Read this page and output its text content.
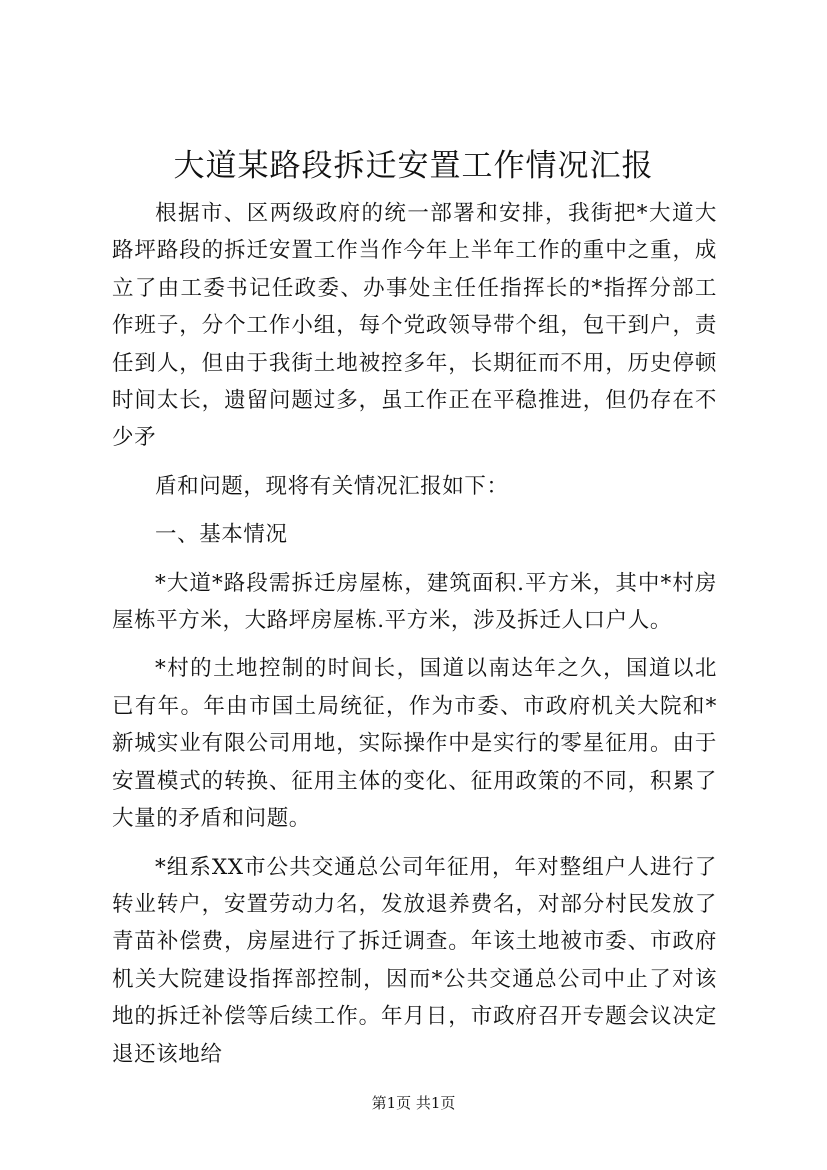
大道某路段拆迁安置工作情况汇报

根据市、区两级政府的统一部署和安排，我街把*大道大路坪路段的拆迁安置工作当作今年上半年工作的重中之重，成立了由工委书记任政委、办事处主任任指挥长的*指挥分部工作班子，分个工作小组，每个党政领导带个组，包干到户，责任到人，但由于我街土地被控多年，长期征而不用，历史停顿时间太长，遗留问题过多，虽工作正在平稳推进，但仍存在不少矛

盾和问题，现将有关情况汇报如下：

一、基本情况

*大道*路段需拆迁房屋栋，建筑面积.平方米，其中*村房屋栋平方米，大路坪房屋栋.平方米，涉及拆迁人口户人。

*村的土地控制的时间长，国道以南达年之久，国道以北已有年。年由市国土局统征，作为市委、市政府机关大院和*新城实业有限公司用地，实际操作中是实行的零星征用。由于安置模式的转换、征用主体的变化、征用政策的不同，积累了大量的矛盾和问题。

*组系XX市公共交通总公司年征用，年对整组户人进行了转业转户，安置劳动力名，发放退养费名，对部分村民发放了青苗补偿费，房屋进行了拆迁调查。年该土地被市委、市政府机关大院建设指挥部控制，因而*公共交通总公司中止了对该地的拆迁补偿等后续工作。年月日，市政府召开专题会议决定退还该地给

第1页 共1页
